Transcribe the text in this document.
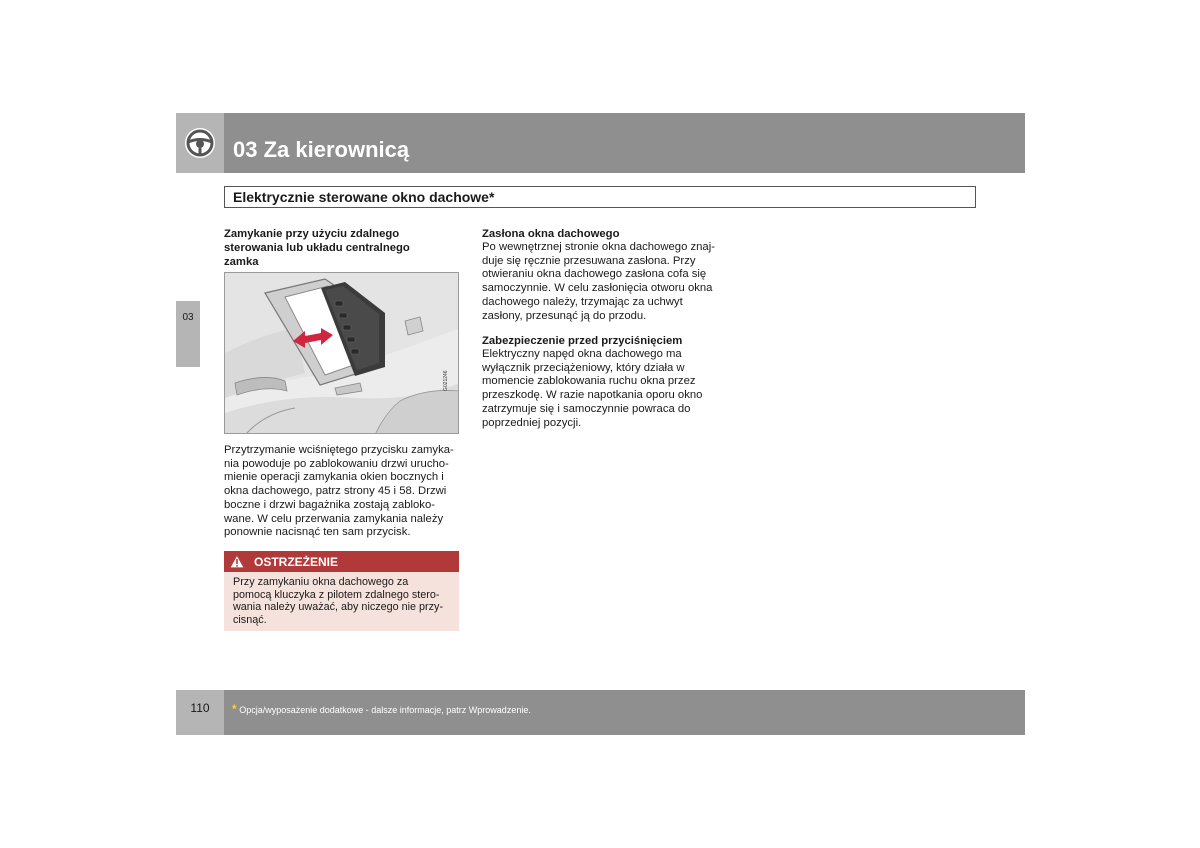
03 Za kierownicą
Elektrycznie sterowane okno dachowe*
03
Zamykanie przy użyciu zdalnego
sterowania lub układu centralnego
zamka
G021246
Przytrzymanie wciśniętego przycisku zamyka-
nia powoduje po zablokowaniu drzwi urucho-
mienie operacji zamykania okien bocznych i
okna dachowego, patrz strony 45 i 58. Drzwi
boczne i drzwi bagażnika zostają zabloko-
wane. W celu przerwania zamykania należy
ponownie nacisnąć ten sam przycisk.
OSTRZEŻENIE
Przy zamykaniu okna dachowego za
pomocą kluczyka z pilotem zdalnego stero-
wania należy uważać, aby niczego nie przy-
cisnąć.
Zasłona okna dachowego
Po wewnętrznej stronie okna dachowego znaj-
duje się ręcznie przesuwana zasłona. Przy
otwieraniu okna dachowego zasłona cofa się
samoczynnie. W celu zasłonięcia otworu okna
dachowego należy, trzymając za uchwyt
zasłony, przesunąć ją do przodu.
Zabezpieczenie przed przyciśnięciem
Elektryczny napęd okna dachowego ma
wyłącznik przeciążeniowy, który działa w
momencie zablokowania ruchu okna przez
przeszkodę. W razie napotkania oporu okno
zatrzymuje się i samoczynnie powraca do
poprzedniej pozycji.
110	* Opcja/wyposażenie dodatkowe - dalsze informacje, patrz Wprowadzenie.
